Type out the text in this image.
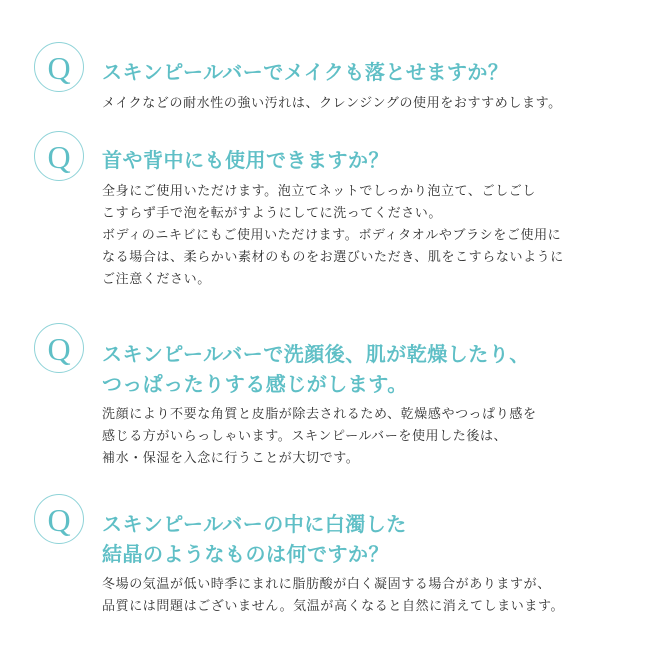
Q スキンピールバーでメイクも落とせますか？

メイクなどの耐水性の強い汚れは、クレンジングの使用をおすすめします。

Q 首や背中にも使用できますか？

全身にご使用いただけます。泡立てネットでしっかり泡立て、ごしごし
こすらず手で泡を転がすようにしてに洗ってください。
ボディのニキビにもご使用いただけます。ボディタオルやブラシをご使用に
なる場合は、柔らかい素材のものをお選びいただき、肌をこすらないように
ご注意ください。

Q スキンピールバーで洗顔後、肌が乾燥したり、
つっぱったりする感じがします。

洗顔により不要な角質と皮脂が除去されるため、乾燥感やつっぱり感を
感じる方がいらっしゃいます。スキンピールバーを使用した後は、
補水・保湿を入念に行うことが大切です。

Q スキンピールバーの中に白濁した
結晶のようなものは何ですか？

冬場の気温が低い時季にまれに脂肪酸が白く凝固する場合がありますが、
品質には問題はございません。気温が高くなると自然に消えてしまいます。
